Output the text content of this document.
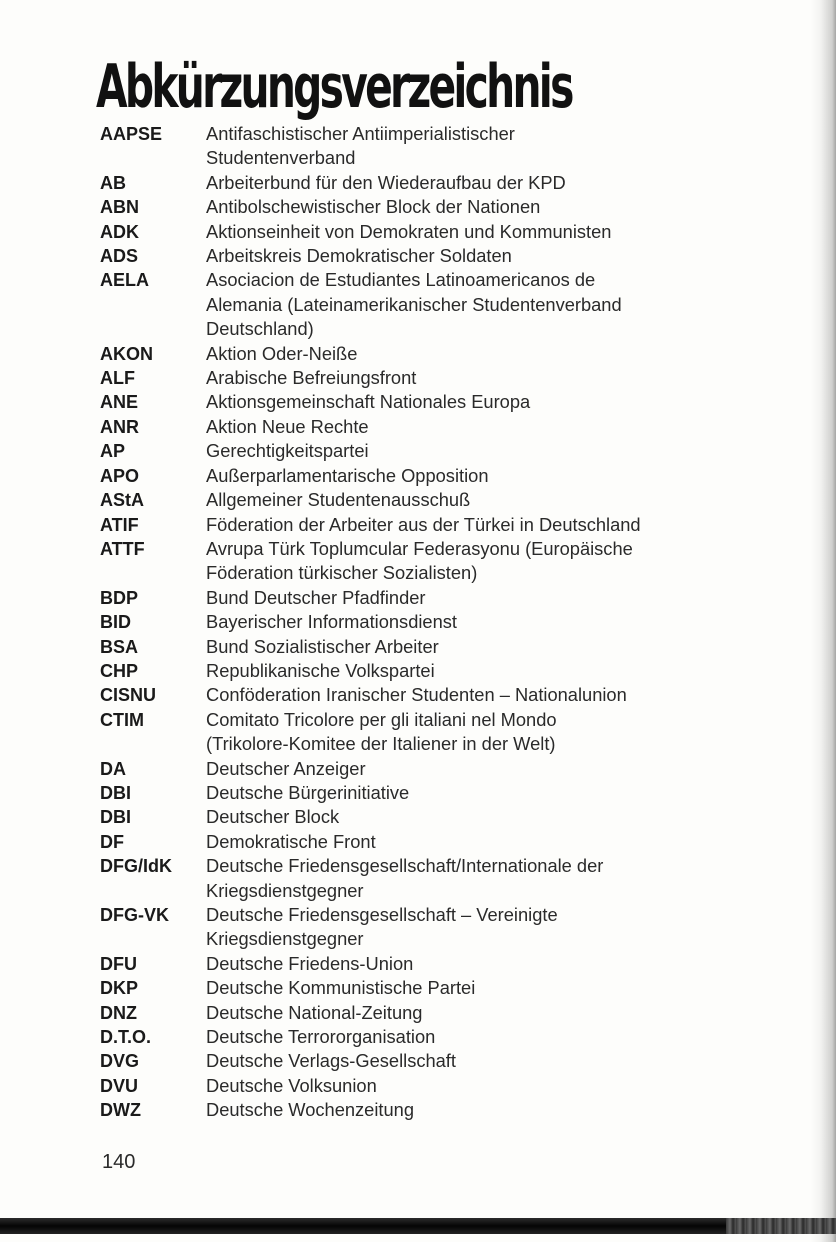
Abkürzungsverzeichnis
AAPSE	Antifaschistischer Antiimperialistischer
Studentenverband
AB	Arbeiterbund für den Wiederaufbau der KPD
ABN	Antibolschewistischer Block der Nationen
ADK	Aktionseinheit von Demokraten und Kommunisten
ADS	Arbeitskreis Demokratischer Soldaten
AELA	Asociacion de Estudiantes Latinoamericanos de
Alemania (Lateinamerikanischer Studentenverband
Deutschland)
AKON	Aktion Oder-Neiße
ALF	Arabische Befreiungsfront
ANE	Aktionsgemeinschaft Nationales Europa
ANR	Aktion Neue Rechte
AP	Gerechtigkeitspartei
APO	Außerparlamentarische Opposition
AStA	Allgemeiner Studentenausschuß
ATIF	Föderation der Arbeiter aus der Türkei in Deutschland
ATTF	Avrupa Türk Toplumcular Federasyonu (Europäische
Föderation türkischer Sozialisten)
BDP	Bund Deutscher Pfadfinder
BID	Bayerischer Informationsdienst
BSA	Bund Sozialistischer Arbeiter
CHP	Republikanische Volkspartei
CISNU	Conföderation Iranischer Studenten – Nationalunion
CTIM	Comitato Tricolore per gli italiani nel Mondo
(Trikolore-Komitee der Italiener in der Welt)
DA	Deutscher Anzeiger
DBI	Deutsche Bürgerinitiative
DBI	Deutscher Block
DF	Demokratische Front
DFG/IdK	Deutsche Friedensgesellschaft/Internationale der
Kriegsdienstgegner
DFG-VK	Deutsche Friedensgesellschaft – Vereinigte
Kriegsdienstgegner
DFU	Deutsche Friedens-Union
DKP	Deutsche Kommunistische Partei
DNZ	Deutsche National-Zeitung
D.T.O.	Deutsche Terrororganisation
DVG	Deutsche Verlags-Gesellschaft
DVU	Deutsche Volksunion
DWZ	Deutsche Wochenzeitung
140
